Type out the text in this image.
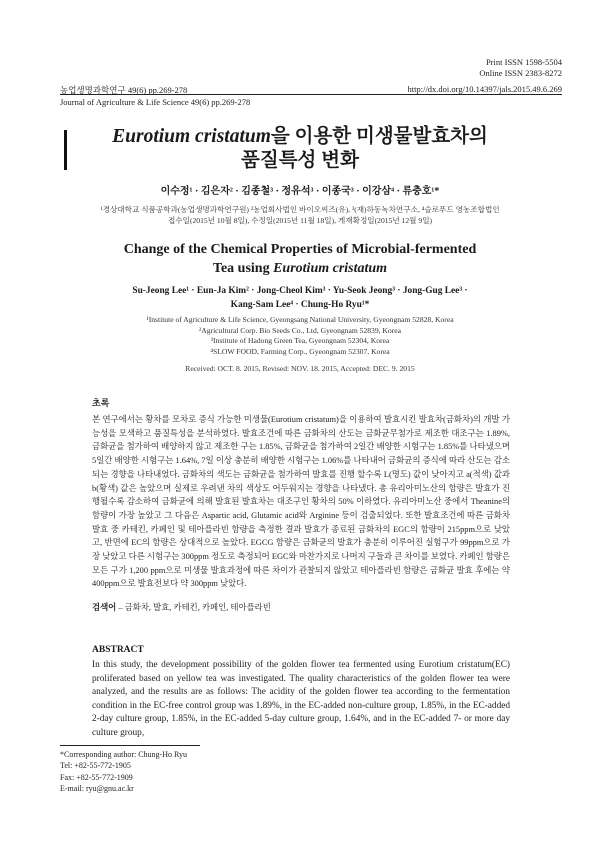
Print ISSN 1598-5504
Online ISSN 2383-8272
농업생명과학연구 49(6) pp.269-278	http://dx.doi.org/10.14397/jals.2015.49.6.269
Journal of Agriculture & Life Science 49(6) pp.269-278
Eurotium cristatum을 이용한 미생물발효차의
품질특성 변화
이수정¹ · 김은자² · 김종철³ · 정유석³ · 이종국³ · 이강삼⁴ · 류충호¹*
¹경상대학교 식품공학과(농업생명과학연구원) ²농업회사법인 바이오씨즈(유), ³(재)하동녹차연구소, ⁴슬로푸드 영농조합법인
접수일(2015년 10월 8일), 수정일(2015년 11월 18일), 게재확정일(2015년 12월 9일)
Change of the Chemical Properties of Microbial-fermented
Tea using Eurotium cristatum
Su-Jeong Lee¹ · Eun-Ja Kim² · Jong-Cheol Kim³ · Yu-Seok Jeong³ · Jong-Gug Lee³ ·
Kang-Sam Lee⁴ · Chung-Ho Ryu¹*
¹Institute of Agriculture & Life Science, Gyeongsang National University, Gyeongnam 52828, Korea
²Agricultural Corp. Bio Seeds Co., Ltd, Gyeongnam 52839, Korea
³Institute of Hadong Green Tea, Gyeongnam 52304, Korea
⁴SLOW FOOD, Farming Corp., Gyeongnam 52307, Korea
Received: OCT. 8. 2015, Revised: NOV. 18. 2015, Accepted: DEC. 9. 2015
초록
본 연구에서는 황차를 모차로 증식 가능한 미생물(Eurotium cristatum)을 이용하여 발효시킨 발효차(금화차)의 개발 가능성을 모색하고 품질특성을 분석하였다. 발효조건에 따른 금화차의 산도는 금화균무첨가로 제조한 대조구는 1.89%, 금화균을 첨가하여 배양하지 않고 제조한 구는 1.85%, 금화균을 첨가하여 2일간 배양한 시험구는 1.85%를 나타냈으며 5일간 배양한 시험구는 1.64%, 7일 이상 충분히 배양한 시험구는 1.06%를 나타내어 금화균의 증식에 따라 산도는 감소되는 경향을 나타내었다. 금화차의 색도는 금화균을 첨가하여 발효를 진행 할수록 L(명도) 값이 낮아지고 a(적색) 값과 b(황색) 값은 높았으며 실제로 우려낸 차의 색상도 어두워지는 경향을 나타냈다. 총 유리아미노산의 함량은 발효가 진행될수록 감소하여 금화균에 의해 발효된 발효차는 대조구인 황차의 50% 이하였다. 유리아미노산 중에서 Theanine의 함량이 가장 높았고 그 다음은 Aspartic acid, Glutamic acid와 Arginine 등이 검출되었다. 또한 발효조건에 따른 금화차 발효 중 카테킨, 카페인 및 테아플라빈 함량을 측정한 결과 발효가 종료된 금화차의 EGC의 함량이 215ppm으로 낮았고, 반면에 EC의 함량은 상대적으로 높았다. EGCG 함량은 금화균의 발효가 충분히 이루어진 실험구가 99ppm으로 가장 낮았고 다른 시험구는 300ppm 정도로 측정되어 EGC와 마찬가지로 나머지 구들과 큰 차이를 보였다. 카페인 함량은 모든 구가 1,200 ppm으로 미생물 발효과정에 따른 차이가 관찰되지 않았고 테아플라빈 함량은 금화균 발효 후에는 약 400ppm으로 발효전보다 약 300ppm 낮았다.
검색어 – 금화차, 발효, 카테킨, 카페인, 테아플라빈
ABSTRACT
In this study, the development possibility of the golden flower tea fermented using Eurotium cristatum(EC) proliferated based on yellow tea was investigated. The quality characteristics of the golden flower tea were analyzed, and the results are as follows: The acidity of the golden flower tea according to the fermentation condition in the EC-free control group was 1.89%, in the EC-added non-culture group, 1.85%, in the EC-added 2-day culture group, 1.85%, in the EC-added 5-day culture group, 1.64%, and in the EC-added 7- or more day culture group,
*Corresponding author: Chung-Ho Ryu
Tel: +82-55-772-1905
Fax: +82-55-772-1909
E-mail: ryu@gnu.ac.kr
